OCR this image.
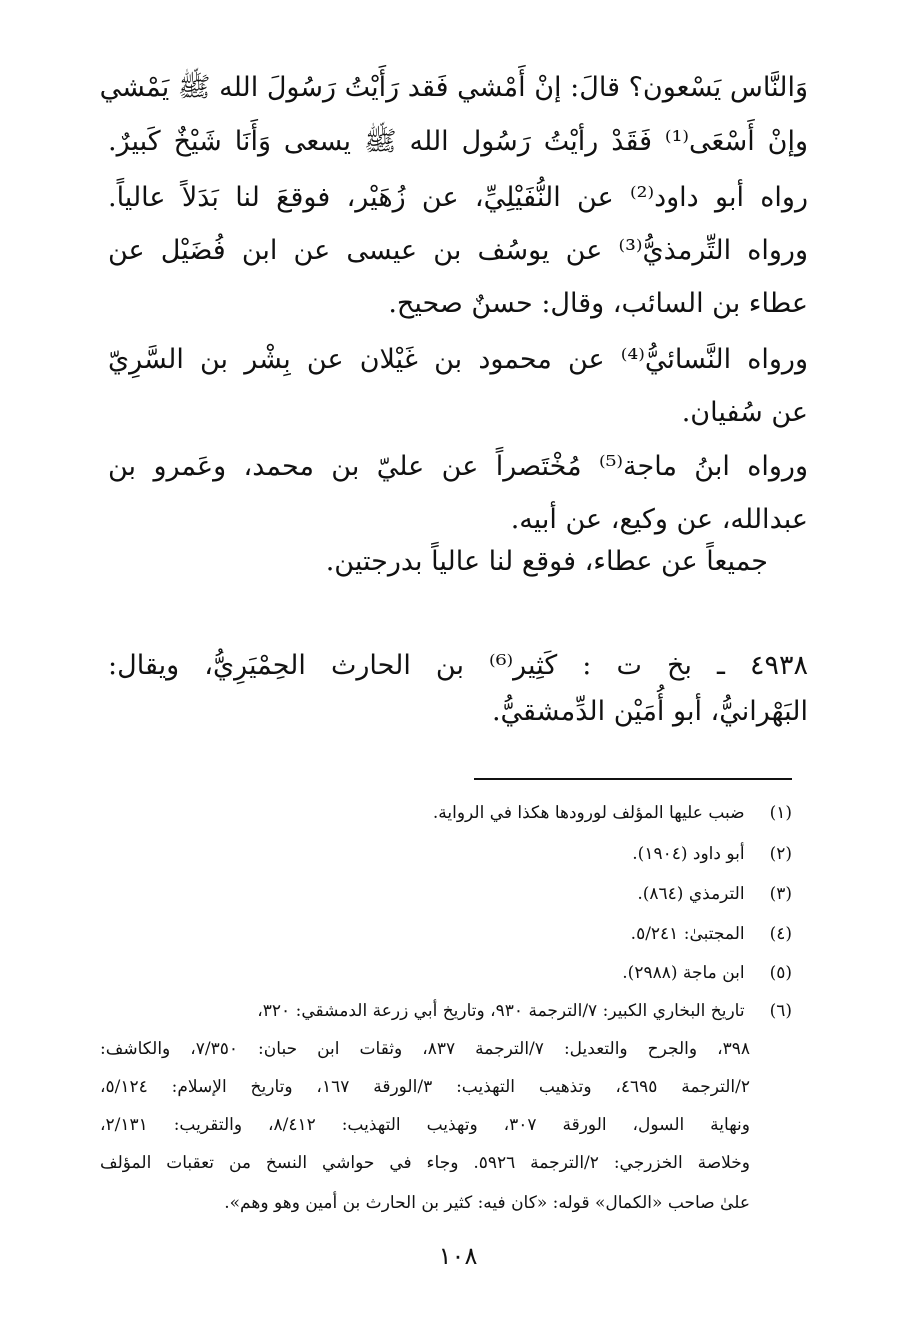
وَالنَّاس يَسْعون؟ قالَ: إنْ أَمْشي فَقد رَأَيْتُ رَسُولَ الله ﷺ يَمْشي
وإنْ أَسْعَى⁽¹⁾ فَقَدْ رأيْتُ رَسُول الله ﷺ يسعى وَأَنَا شَيْخٌ كَبيرٌ.
رواه أبو داود⁽²⁾ عن النُّفَيْلِيِّ، عن زُهَيْر، فوقعَ لنا بَدَلاً عالياً.
ورواه التِّرمذيُّ⁽³⁾ عن يوسُف بن عيسى عن ابن فُضَيْل عن
عطاء بن السائب، وقال: حسنٌ صحيح.
ورواه النَّسائيُّ⁽⁴⁾ عن محمود بن غَيْلان عن بِشْر بن السَّرِيّ
عن سُفيان.
ورواه ابنُ ماجة⁽⁵⁾ مُخْتَصراً عن عليّ بن محمد، وعَمرو بن
عبدالله، عن وكيع، عن أبيه.
جميعاً عن عطاء، فوقع لنا عالياً بدرجتين.
٤٩٣٨ ـ بخ ت : كَثِير⁽⁶⁾ بن الحارث الحِمْيَرِيُّ، ويقال:
البَهْرانيُّ، أبو أُمَيْن الدِّمشقيُّ.
(١) ضبب عليها المؤلف لورودها هكذا في الرواية.
(٢) أبو داود (١٩٠٤).
(٣) الترمذي (٨٦٤).
(٤) المجتبىٰ: ٥/٢٤١.
(٥) ابن ماجة (٢٩٨٨).
(٦) تاريخ البخاري الكبير: ٧/الترجمة ٩٣٠، وتاريخ أبي زرعة الدمشقي: ٣٢٠،
٣٩٨، والجرح والتعديل: ٧/الترجمة ٨٣٧، وثقات ابن حبان: ٧/٣٥٠، والكاشف:
٢/الترجمة ٤٦٩٥، وتذهيب التهذيب: ٣/الورقة ١٦٧، وتاريخ الإسلام: ٥/١٢٤،
ونهاية السول، الورقة ٣٠٧، وتهذيب التهذيب: ٨/٤١٢، والتقريب: ٢/١٣١،
وخلاصة الخزرجي: ٢/الترجمة ٥٩٢٦. وجاء في حواشي النسخ من تعقبات المؤلف
علىٰ صاحب «الكمال» قوله: «كان فيه: كثير بن الحارث بن أمين وهو وهم».
١٠٨
